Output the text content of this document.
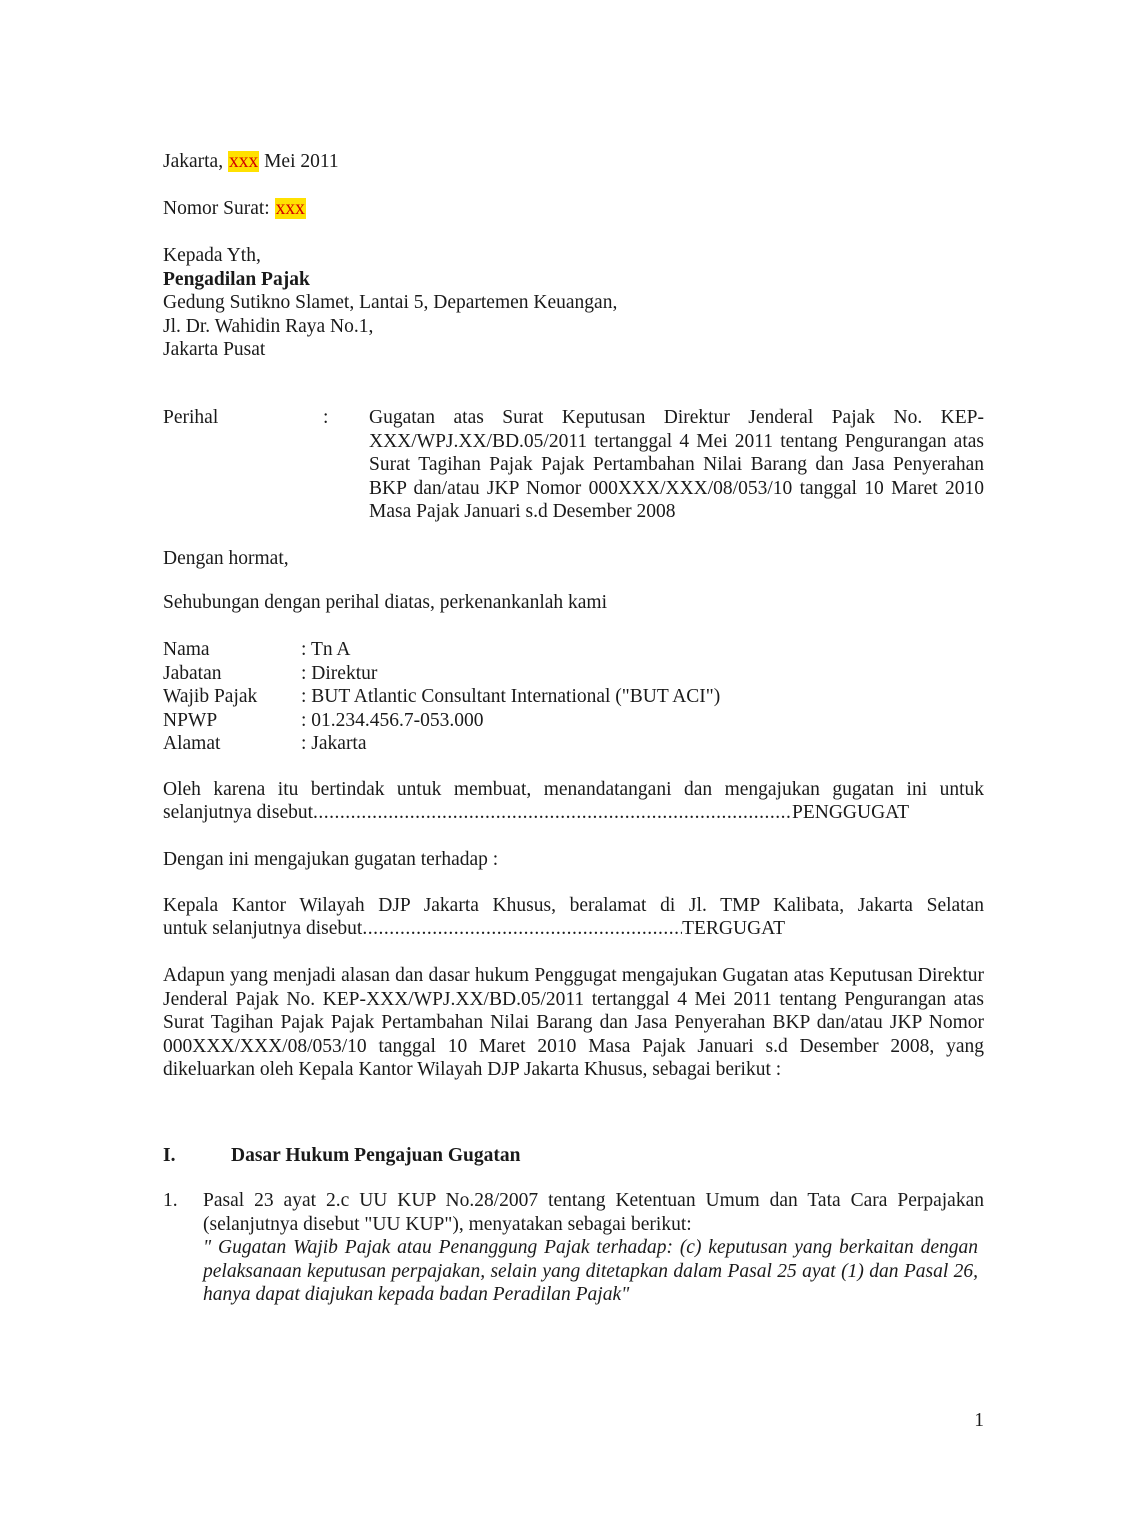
Jakarta, xxx Mei 2011
Nomor Surat: xxx
Kepada Yth,
Pengadilan Pajak
Gedung Sutikno Slamet, Lantai 5, Departemen Keuangan,
Jl. Dr. Wahidin Raya No.1,
Jakarta Pusat
Perihal	: Gugatan atas Surat Keputusan Direktur Jenderal Pajak No. KEP-XXX/WPJ.XX/BD.05/2011 tertanggal 4 Mei 2011 tentang Pengurangan atas Surat Tagihan Pajak Pajak Pertambahan Nilai Barang dan Jasa Penyerahan BKP dan/atau JKP Nomor 000XXX/XXX/08/053/10 tanggal 10 Maret 2010 Masa Pajak Januari s.d Desember 2008
Dengan hormat,
Sehubungan dengan perihal diatas, perkenankanlah kami
Nama	: Tn A
Jabatan	: Direktur
Wajib Pajak	: BUT Atlantic Consultant International ("BUT ACI")
NPWP	: 01.234.456.7-053.000
Alamat	: Jakarta
Oleh karena itu bertindak untuk membuat, menandatangani dan mengajukan gugatan ini untuk
selanjutnya disebut .....	PENGGUGAT
Dengan ini mengajukan gugatan terhadap :
Kepala Kantor Wilayah DJP Jakarta Khusus, beralamat di Jl. TMP Kalibata, Jakarta Selatan
untuk selanjutnya disebut .....	TERGUGAT
Adapun yang menjadi alasan dan dasar hukum Penggugat mengajukan Gugatan atas Keputusan Direktur Jenderal Pajak No. KEP-XXX/WPJ.XX/BD.05/2011 tertanggal 4 Mei 2011 tentang Pengurangan atas Surat Tagihan Pajak Pajak Pertambahan Nilai Barang dan Jasa Penyerahan BKP dan/atau JKP Nomor 000XXX/XXX/08/053/10 tanggal 10 Maret 2010 Masa Pajak Januari s.d Desember 2008, yang dikeluarkan oleh Kepala Kantor Wilayah DJP Jakarta Khusus, sebagai berikut :
I.	Dasar Hukum Pengajuan Gugatan
1. Pasal 23 ayat 2.c UU KUP No.28/2007 tentang Ketentuan Umum dan Tata Cara Perpajakan (selanjutnya disebut "UU KUP"), menyatakan sebagai berikut:
" Gugatan Wajib Pajak atau Penanggung Pajak terhadap: (c) keputusan yang berkaitan dengan pelaksanaan keputusan perpajakan, selain yang ditetapkan dalam Pasal 25 ayat (1) dan Pasal 26, hanya dapat diajukan kepada badan Peradilan Pajak"
1
